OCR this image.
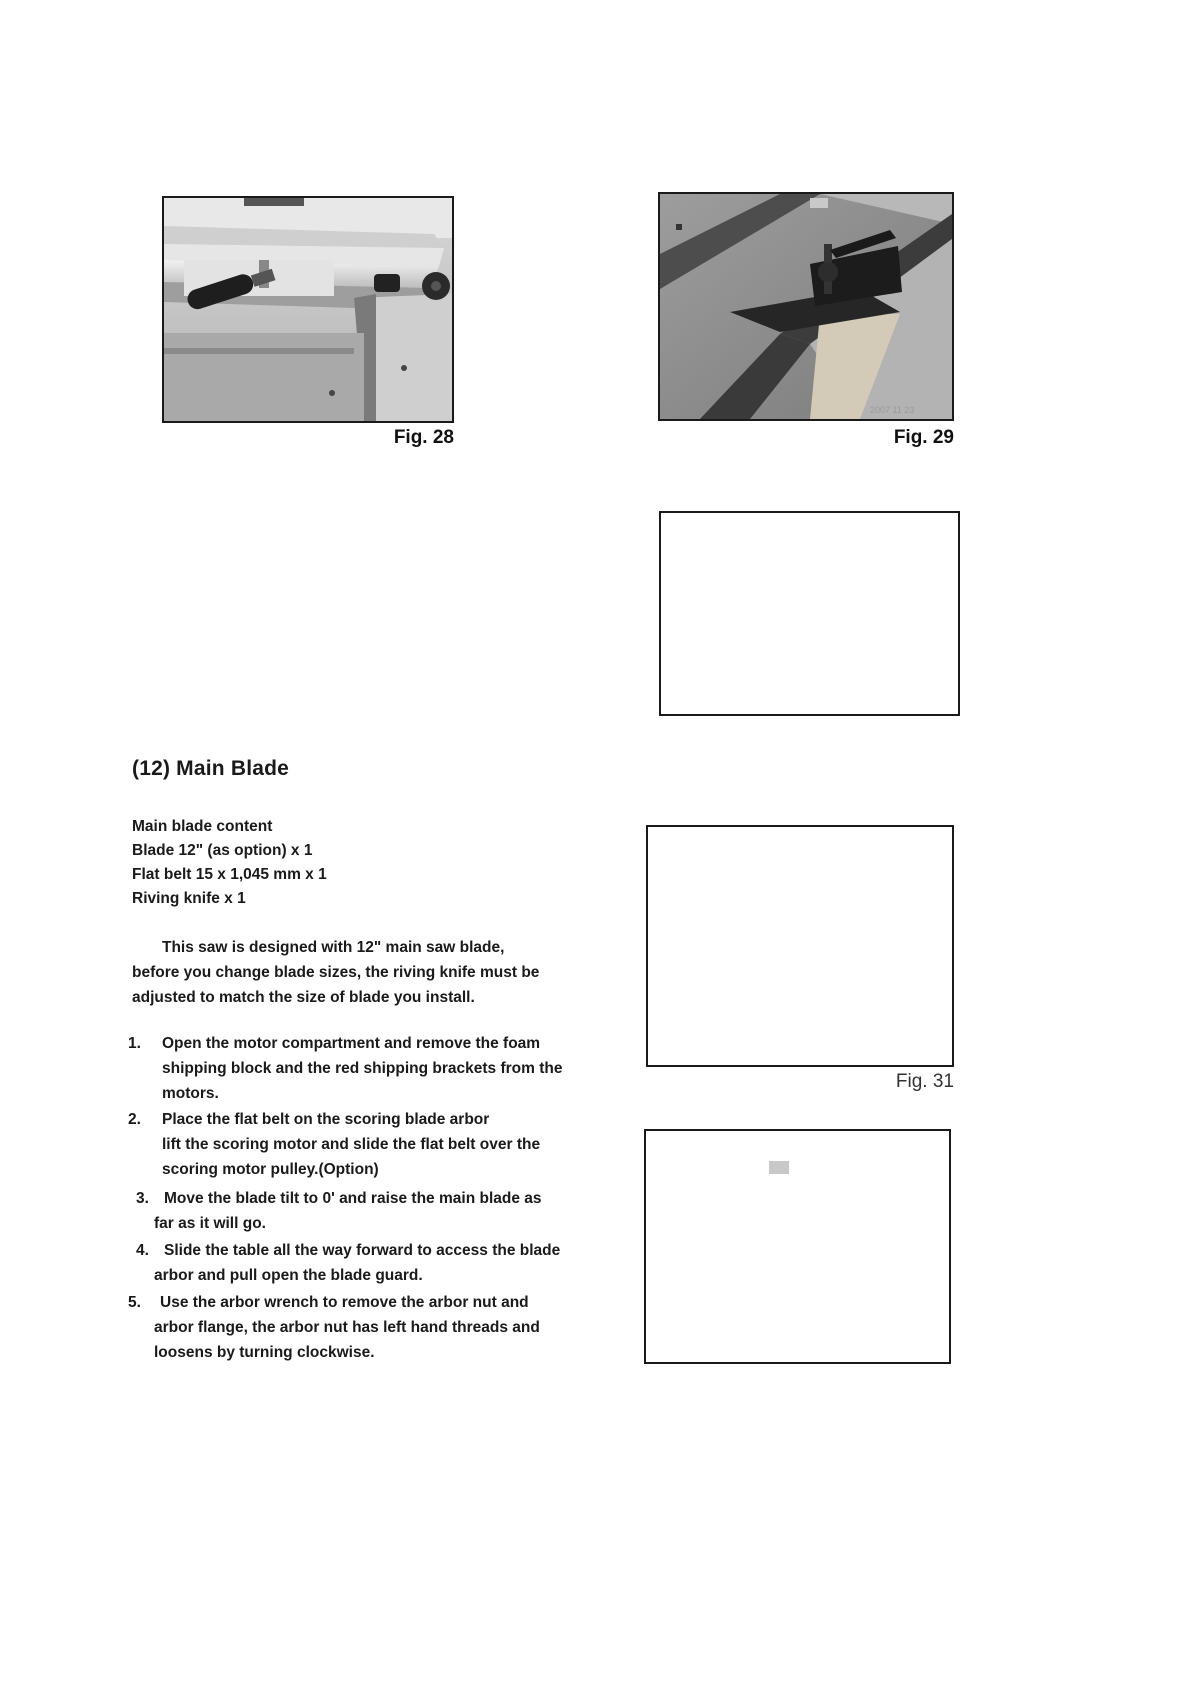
Fig. 28
2007 11 23
Fig. 29
(12) Main Blade
Main blade content
Blade 12" (as option) x 1
Flat belt 15 x 1,045 mm x 1
Riving knife x 1
This saw is designed with 12" main saw blade,
before you change blade sizes, the riving knife must be
adjusted to match the size of blade you install.
1. Open the motor compartment and remove the foam
shipping block and the red shipping brackets from the
motors.
2. Place the flat belt on the scoring blade arbor
lift the scoring motor and slide the flat belt over the
scoring motor pulley.(Option)
3. Move the blade tilt to 0' and raise the main blade as
far as it will go.
4. Slide the table all the way forward to access the blade
arbor and pull open the blade guard.
5. Use the arbor wrench to remove the arbor nut and
arbor flange, the arbor nut has left hand threads and
loosens by turning clockwise.
Fig. 31
